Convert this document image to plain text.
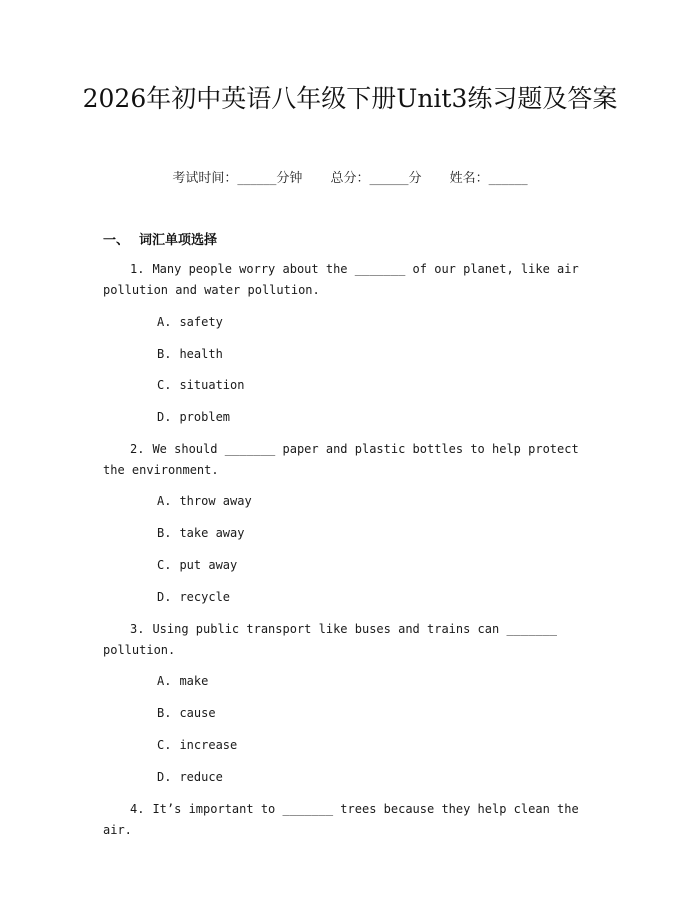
2026年初中英语八年级下册Unit3练习题及答案
考试时间：______分钟 总分：______分 姓名：______
一、 词汇单项选择
1. Many people worry about the _______ of our planet, like air pollution and water pollution.
A. safety
B. health
C. situation
D. problem
2. We should _______ paper and plastic bottles to help protect the environment.
A. throw away
B. take away
C. put away
D. recycle
3. Using public transport like buses and trains can _______ pollution.
A. make
B. cause
C. increase
D. reduce
4. It’s important to _______ trees because they help clean the air.
